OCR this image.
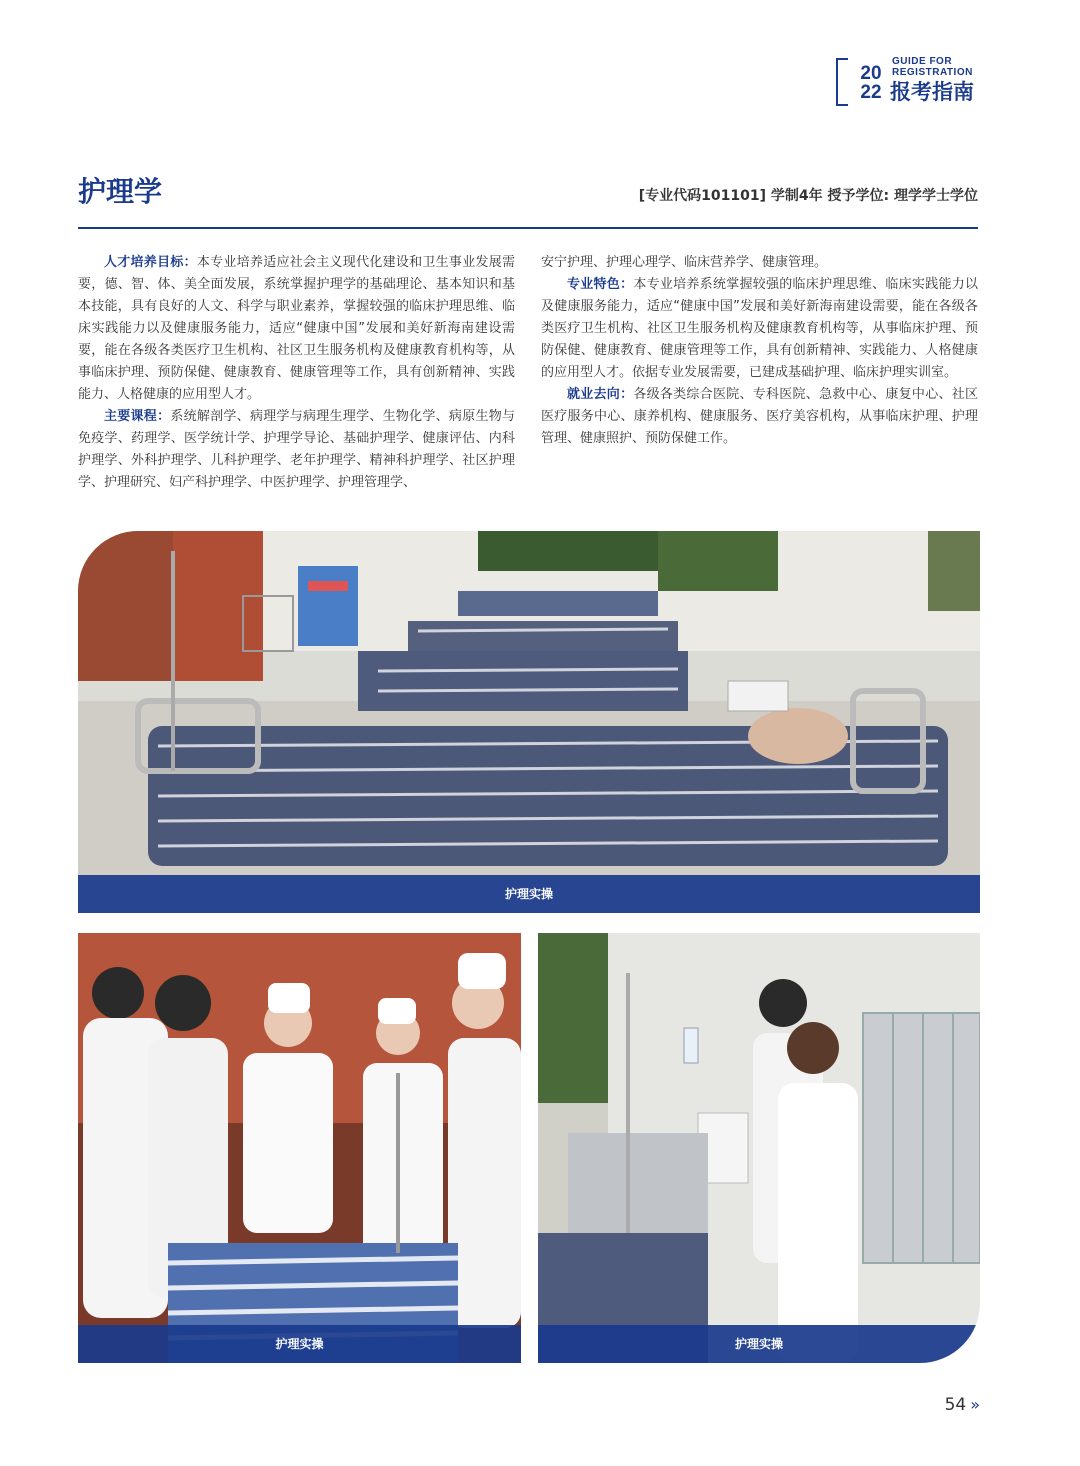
20
22
GUIDE FOR
REGISTRATION
报考指南
护理学	[专业代码101101] 学制4年 授予学位: 理学学士学位

人才培养目标：本专业培养适应社会主义现代化建设和卫生事业发展需要，德、智、体、美全面发展，系统掌握护理学的基础理论、基本知识和基本技能，具有良好的人文、科学与职业素养，掌握较强的临床护理思维、临床实践能力以及健康服务能力，适应“健康中国”发展和美好新海南建设需要，能在各级各类医疗卫生机构、社区卫生服务机构及健康教育机构等，从事临床护理、预防保健、健康教育、健康管理等工作，具有创新精神、实践能力、人格健康的应用型人才。

主要课程：系统解剖学、病理学与病理生理学、生物化学、病原生物与免疫学、药理学、医学统计学、护理学导论、基础护理学、健康评估、内科护理学、外科护理学、儿科护理学、老年护理学、精神科护理学、社区护理学、护理研究、妇产科护理学、中医护理学、护理管理学、

安宁护理、护理心理学、临床营养学、健康管理。

专业特色：本专业培养系统掌握较强的临床护理思维、临床实践能力以及健康服务能力，适应“健康中国”发展和美好新海南建设需要，能在各级各类医疗卫生机构、社区卫生服务机构及健康教育机构等，从事临床护理、预防保健、健康教育、健康管理等工作，具有创新精神、实践能力、人格健康的应用型人才。依据专业发展需要，已建成基础护理、临床护理实训室。

就业去向：各级各类综合医院、专科医院、急救中心、康复中心、社区医疗服务中心、康养机构、健康服务、医疗美容机构，从事临床护理、护理管理、健康照护、预防保健工作。

护理实操
护理实操	护理实操
54 »
